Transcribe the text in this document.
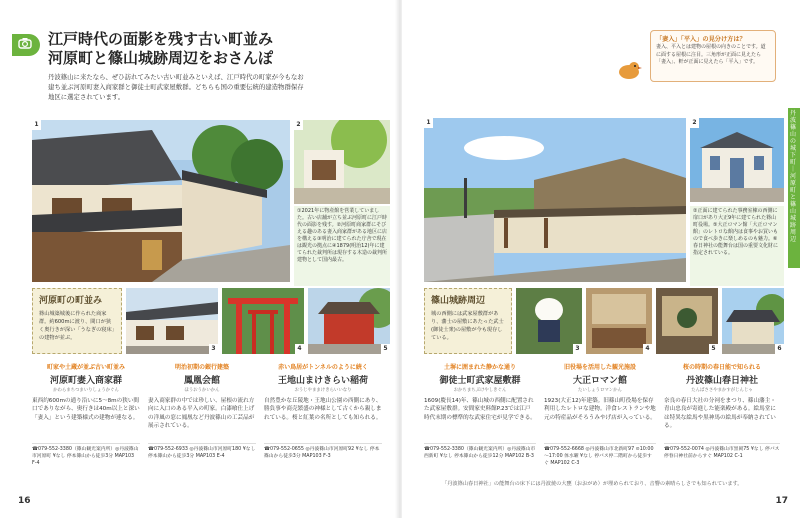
江戸時代の面影を残す古い町並み
河原町と篠山城跡周辺をおさんぽ
丹波篠山に来たなら、ぜひ訪れてみたい古い町並みといえば、江戸時代の町家が今もなお建ち並ぶ河原町妻入商家群と御徒士町武家屋敷群。どちらも国の重要伝統的建造物群保存地区に選定されています。
1	2
①2021年に物産館を営業していました。古い店舗が立ち並ぶ河原町に江戸時代の面影を残す。②河原町商家群にそびえる趣のある妻入商家群がある地区に店を構える③明治に建てられた庁舎で現在は観光の拠点に④1879(明治12)年に建てられた裁判所は現存する木造の裁判所建物として国内最古。
河原町の町並み
篠山城築城後に作られた商家群。約600mに渡り、間口が狭く奥行きが深い「うなぎの寝床」の建物が並ぶ。
3	4	5
町家や土蔵が並ぶ古い町並み
河原町妻入商家群
かわらまちつまいりしょうかぐん
東西約600mの通り沿いに5～8mの狭い間口でありながら、奥行きは40m以上と深い「妻入」という建築様式の建物が連なる。
☎079-552-3380（篠山観光案内所）◎丹波篠山市河原町 ¥なし 停本篠山から徒歩3分 MAP103 F-4
明治初期の銀行建築
鳳凰会館
ほうおうかいかん
妻入商家群の中では珍しい、屋根の流れ方向に入口のある平入の町家。白漆喰仕上げの洋風の窓に鳳凰など丹波篠山の工芸品が展示されている。
☎079-552-6933 ◎丹波篠山市河原町180 ¥なし 停本篠山から徒歩3分 MAP103 E-4
赤い鳥居がトンネルのように続く
王地山まけきらい稲荷
おうじやままけきらいいなり
自然豊かな丘陵地・王地山公園の西側にあり、勝負事や商売繁盛の神様として古くから親しまれている。桜と紅葉の名所としても知られる。
☎079-552-0655 ◎丹波篠山市河原町92 ¥なし 停本篠山から徒歩3分 MAP103 F-3
16
「妻入」「平入」の見分け方は？
妻入、平入とは建物の屋根の向きのことです。道に面する屋根に注目。三角形が正面に見えたら「妻入」、軒が正面に見えたら「平入」です。
1	2
②正面に建てられた事務室棟の西側に扉口があり大正9年に建てられた篠山町役場。⑤大正ロマン館「大正ロマン館」のレトロな館内は食事やお買いもので食べ歩きに楽しめるのも魅力。⑥春日神社の能舞台は国の重要文化財に指定されている。
篠山城跡周辺
城の西側には武家屋敷群があり、藩士の屋敷にあたった武士(御徒士衆)の屋敷が今も現存している。
3	4	5	6
土塀に囲まれた静かな通り
御徒士町武家屋敷群
おかちまちぶけやしきぐん
1609(慶長14)年、篠山城の西側に配置された武家屋敷群。安間家史料館P.23では江戸時代末期の標準的な武家住宅が見学できる。
☎079-552-3380（篠山観光案内所）◎丹波篠山市西新町 ¥なし 停本篠山から徒歩12分 MAP102 B-3
旧役場を活用した観光施設
大正ロマン館
たいしょうロマンかん
1923(大正12)年建築。旧篠山町役場を保存利用したレトロな建物。洋食レストランや地元の特産品がそろうみやげ店が入っている。
☎079-552-6668 ◎丹波篠山市北新町97 ⊙10:00～17:00 体水曜 ¥なし 停バス停二階町から徒歩すぐ MAP102 C-3
桜の時期の春日能で知られる
丹波篠山春日神社
たんばささやまかすがじんじゃ
奈良の春日大社の分祠をまつり、篠山藩主・青山忠良が寄進した能楽殿がある。絵馬堂には特異な絵馬や黒神馬の絵馬が奉納されている。
☎079-552-0074 ◎丹波篠山市黒岡75 ¥なし 停バス停春日神社前からすぐ MAP102 C-1
「丹波篠山春日神社」の能舞台の床下には丹波焼の大甕（おおがめ）が埋められており、音響の素晴らしさでも知られています。
丹波篠山の城下町 ｜ 河原町と篠山城跡周辺
17
